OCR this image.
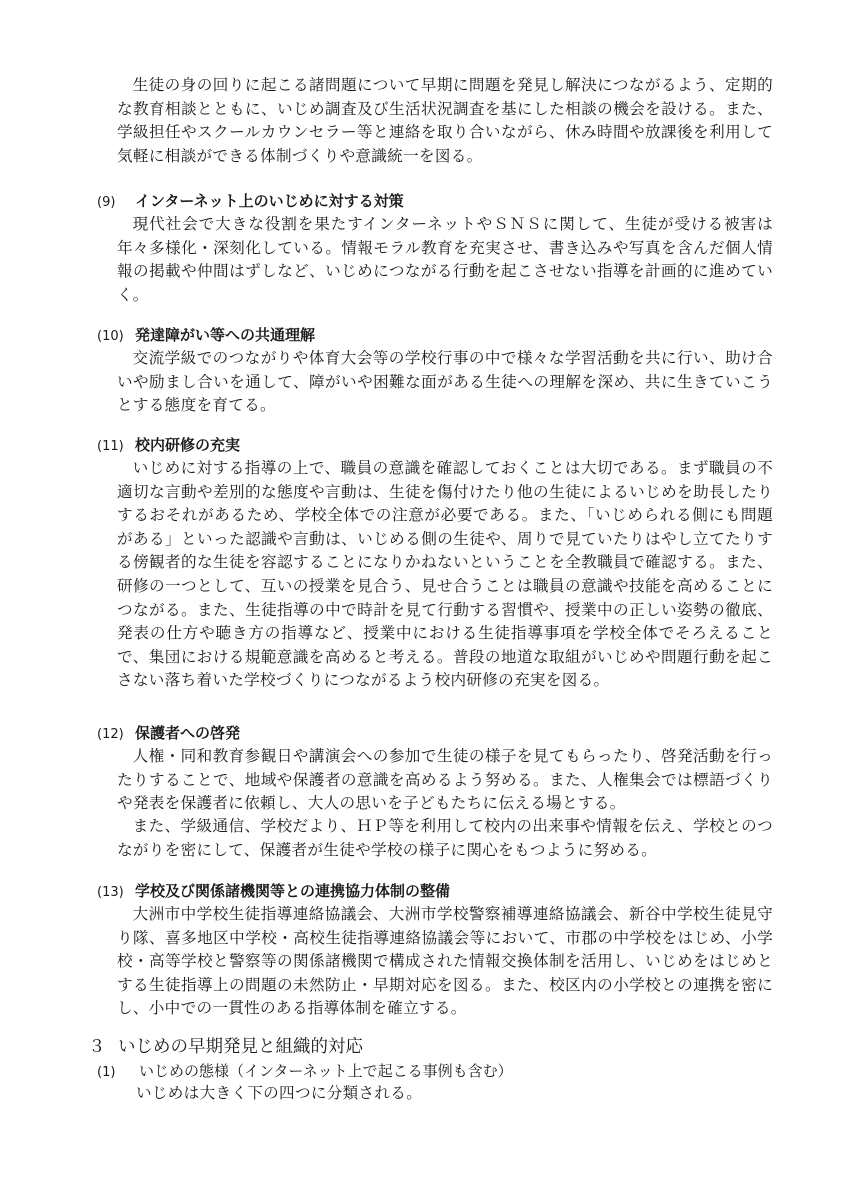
生徒の身の回りに起こる諸問題について早期に問題を発見し解決につながるよう、定期的な教育相談とともに、いじめ調査及び生活状況調査を基にした相談の機会を設ける。また、学級担任やスクールカウンセラー等と連絡を取り合いながら、休み時間や放課後を利用して気軽に相談ができる体制づくりや意識統一を図る。

(9) インターネット上のいじめに対する対策

現代社会で大きな役割を果たすインターネットやＳＮＳに関して、生徒が受ける被害は年々多様化・深刻化している。情報モラル教育を充実させ、書き込みや写真を含んだ個人情報の掲載や仲間はずしなど、いじめにつながる行動を起こさせない指導を計画的に進めていく。

(10) 発達障がい等への共通理解

交流学級でのつながりや体育大会等の学校行事の中で様々な学習活動を共に行い、助け合いや励まし合いを通して、障がいや困難な面がある生徒への理解を深め、共に生きていこうとする態度を育てる。

(11) 校内研修の充実

いじめに対する指導の上で、職員の意識を確認しておくことは大切である。まず職員の不適切な言動や差別的な態度や言動は、生徒を傷付けたり他の生徒によるいじめを助長したりするおそれがあるため、学校全体での注意が必要である。また、「いじめられる側にも問題がある」といった認識や言動は、いじめる側の生徒や、周りで見ていたりはやし立てたりする傍観者的な生徒を容認することになりかねないということを全教職員で確認する。また、研修の一つとして、互いの授業を見合う、見せ合うことは職員の意識や技能を高めることにつながる。また、生徒指導の中で時計を見て行動する習慣や、授業中の正しい姿勢の徹底、発表の仕方や聴き方の指導など、授業中における生徒指導事項を学校全体でそろえることで、集団における規範意識を高めると考える。普段の地道な取組がいじめや問題行動を起こさない落ち着いた学校づくりにつながるよう校内研修の充実を図る。

(12) 保護者への啓発

人権・同和教育参観日や講演会への参加で生徒の様子を見てもらったり、啓発活動を行ったりすることで、地域や保護者の意識を高めるよう努める。また、人権集会では標語づくりや発表を保護者に依頼し、大人の思いを子どもたちに伝える場とする。

また、学級通信、学校だより、ＨＰ等を利用して校内の出来事や情報を伝え、学校とのつながりを密にして、保護者が生徒や学校の様子に関心をもつように努める。

(13) 学校及び関係諸機関等との連携協力体制の整備

大洲市中学校生徒指導連絡協議会、大洲市学校警察補導連絡協議会、新谷中学校生徒見守り隊、喜多地区中学校・高校生徒指導連絡協議会等において、市郡の中学校をはじめ、小学校・高等学校と警察等の関係諸機関で構成された情報交換体制を活用し、いじめをはじめとする生徒指導上の問題の未然防止・早期対応を図る。また、校区内の小学校との連携を密にし、小中での一貫性のある指導体制を確立する。

３ いじめの早期発見と組織的対応
(1) いじめの態様（インターネット上で起こる事例も含む）

いじめは大きく下の四つに分類される。
